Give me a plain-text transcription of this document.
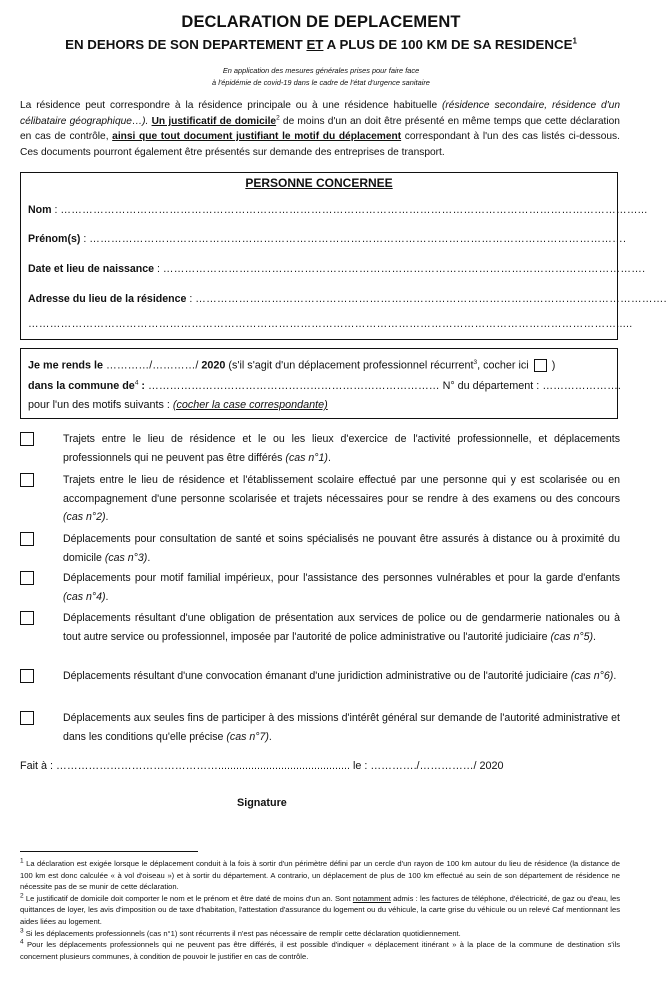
DECLARATION DE DEPLACEMENT
EN DEHORS DE SON DEPARTEMENT ET A PLUS DE 100 KM DE SA RESIDENCE$^1$
En application des mesures générales prises pour faire face
à l'épidémie de covid-19 dans le cadre de l'état d'urgence sanitaire
La résidence peut correspondre à la résidence principale ou à une résidence habituelle (résidence secondaire, résidence d'un célibataire géographique…). Un justificatif de domicile$^2$ de moins d'un an doit être présenté en même temps que cette déclaration en cas de contrôle, ainsi que tout document justifiant le motif du déplacement correspondant à l'un des cas listés ci-dessous. Ces documents pourront également être présentés sur demande des entreprises de transport.
PERSONNE CONCERNEE
Nom : ……………………………………………………………………………………………………………………………………………...
Prénom(s) : ………………………………………………………………………………………………………………………………….
Date et lieu de naissance : …………………………………………………………………………………………………………………….
Adresse du lieu de la résidence : ………………………………………………………………………………………………………………….
……………………………………………………………………………………………………………………………………………….....
Je me rends le …………/…………/ 2020 (s'il s'agit d'un déplacement professionnel récurrent$^3$, cocher ici  )
dans la commune $de^4$ : ……………………………………………………………………… N° du département : ………………….
pour l'un des motifs suivants : (cocher la case correspondante)
Trajets entre le lieu de résidence et le ou les lieux d'exercice de l'activité professionnelle, et déplacements professionnels qui ne peuvent pas être différés (cas n°1).
Trajets entre le lieu de résidence et l'établissement scolaire effectué par une personne qui y est scolarisée ou en accompagnement d'une personne scolarisée et trajets nécessaires pour se rendre à des examens ou des concours (cas n°2).
Déplacements pour consultation de santé et soins spécialisés ne pouvant être assurés à distance ou à proximité du domicile (cas n°3).
Déplacements pour motif familial impérieux, pour l'assistance des personnes vulnérables et pour la garde d'enfants (cas n°4).
Déplacements résultant d'une obligation de présentation aux services de police ou de gendarmerie nationales ou à tout autre service ou professionnel, imposée par l'autorité de police administrative ou l'autorité judiciaire (cas n°5).
Déplacements résultant d'une convocation émanant d'une juridiction administrative ou de l'autorité judiciaire (cas n°6).
Déplacements aux seules fins de participer à des missions d'intérêt général sur demande de l'autorité administrative et dans les conditions qu'elle précise (cas n°7).
Fait à : ………………………………………............................................ le : …………./……………/ 2020
Signature

$^1$ La déclaration est exigée lorsque le déplacement conduit à la fois à sortir d'un périmètre défini par un cercle d'un rayon de 100 km autour du lieu de résidence (la distance de 100 km est donc calculée « à vol d'oiseau ») et à sortir du département. A contrario, un déplacement de plus de 100 km effectué au sein de son département de résidence ne nécessite pas de se munir de cette déclaration.

$^2$ Le justificatif de domicile doit comporter le nom et le prénom et être daté de moins d'un an. Sont notamment admis : les factures de téléphone, d'électricité, de gaz ou d'eau, les quittances de loyer, les avis d'imposition ou de taxe d'habitation, l'attestation d'assurance du logement ou du véhicule, la carte grise du véhicule ou un relevé Caf mentionnant les aides liées au logement.

$^3$ Si les déplacements professionnels (cas n°1) sont récurrents il n'est pas nécessaire de remplir cette déclaration quotidiennement.

$^4$ Pour les déplacements professionnels qui ne peuvent pas être différés, il est possible d'indiquer « déplacement itinérant » à la place de la commune de destination s'ils concernent plusieurs communes, à condition de pouvoir le justifier en cas de contrôle.
